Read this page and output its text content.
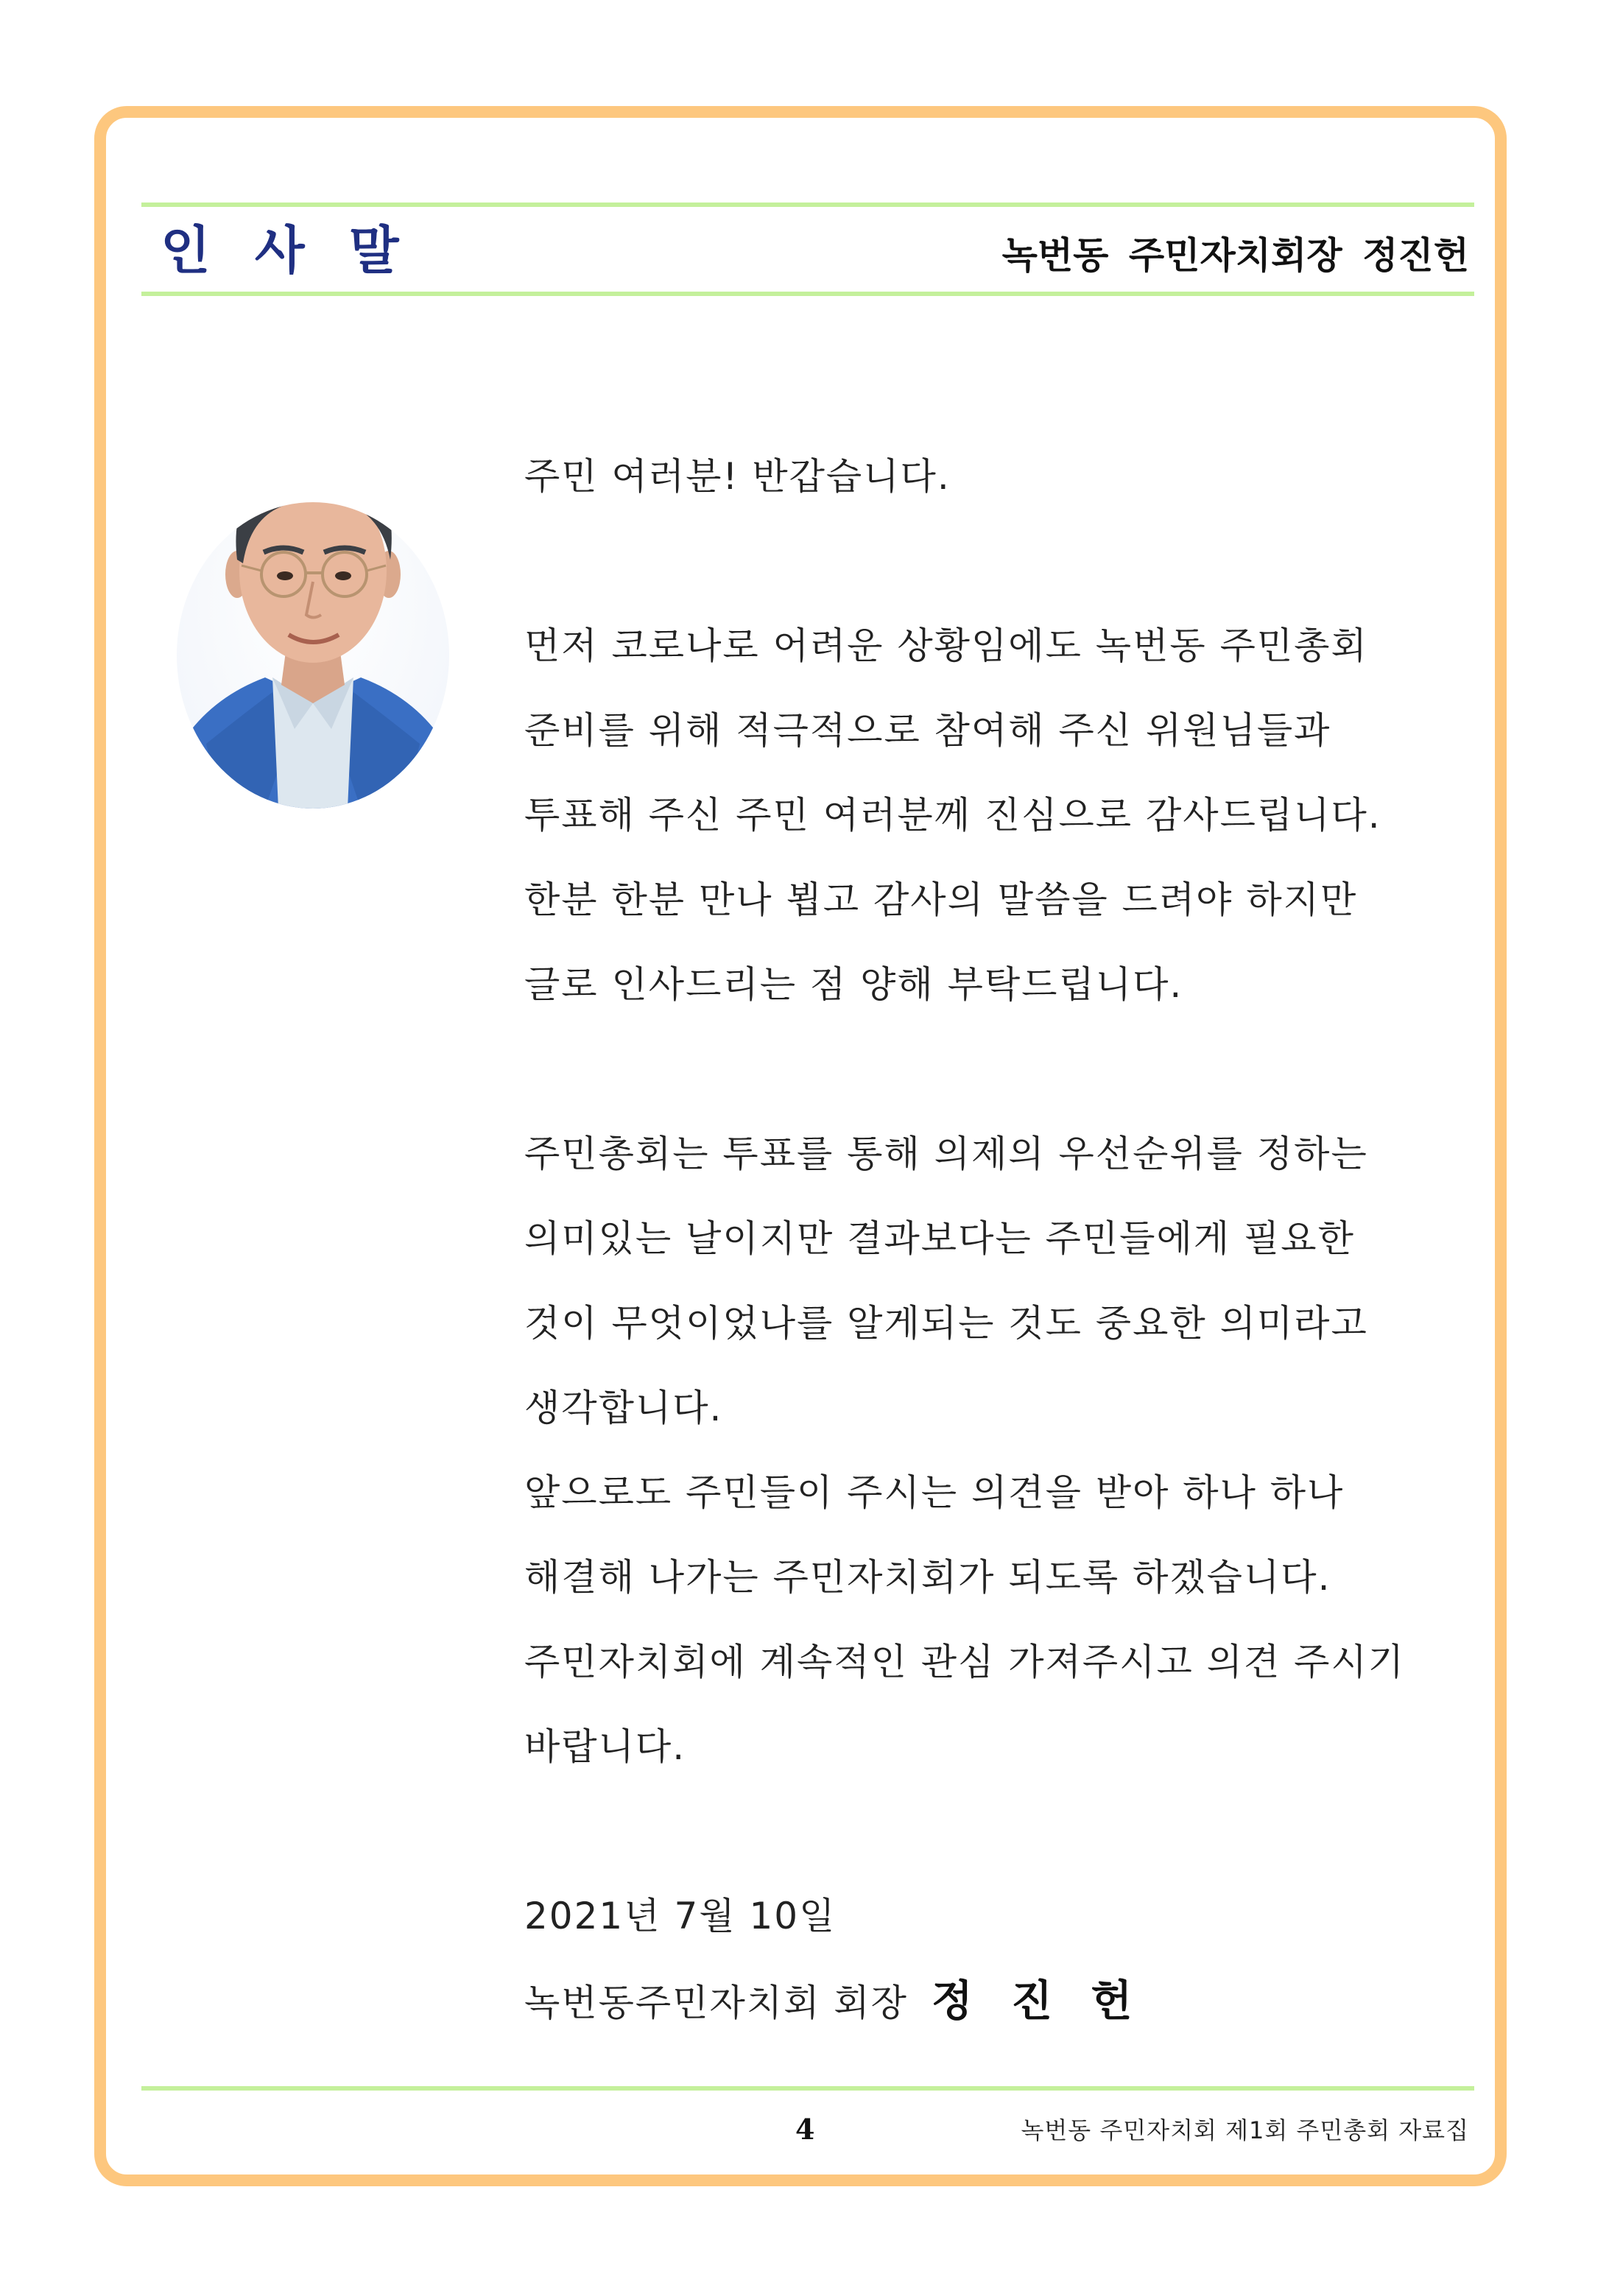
인 사 말	녹번동 주민자치회장 정진헌

주민 여러분! 반갑습니다.

먼저 코로나로 어려운 상황임에도 녹번동 주민총회

준비를 위해 적극적으로 참여해 주신 위원님들과

투표해 주신 주민 여러분께 진심으로 감사드립니다.

한분 한분 만나 뵙고 감사의 말씀을 드려야 하지만

글로 인사드리는 점 양해 부탁드립니다.

주민총회는 투표를 통해 의제의 우선순위를 정하는

의미있는 날이지만 결과보다는 주민들에게 필요한

것이 무엇이었나를 알게되는 것도 중요한 의미라고

생각합니다.

앞으로도 주민들이 주시는 의견을 받아 하나 하나

해결해 나가는 주민자치회가 되도록 하겠습니다.

주민자치회에 계속적인 관심 가져주시고 의견 주시기

바랍니다.

2021년 7월 10일

녹번동주민자치회 회장 정 진 헌

4	녹번동 주민자치회 제1회 주민총회 자료집
